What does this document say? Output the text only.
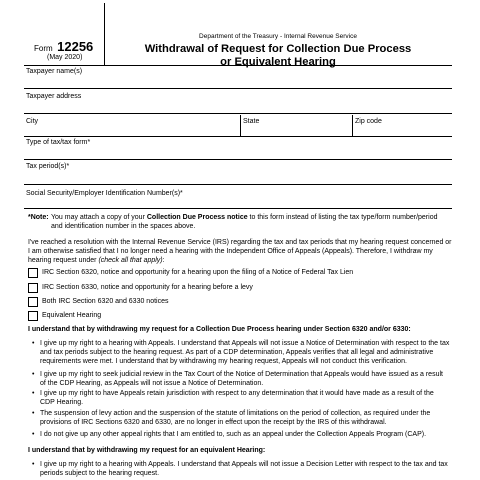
Form 12256
(May 2020)
Department of the Treasury - Internal Revenue Service
Withdrawal of Request for Collection Due Process
or Equivalent Hearing
Taxpayer name(s)
Taxpayer address
City	State	Zip code
Type of tax/tax form*
Tax period(s)*
Social Security/Employer Identification Number(s)*
*Note: You may attach a copy of your Collection Due Process notice to this form instead of listing the tax type/form number/period and identification number in the spaces above.
I've reached a resolution with the Internal Revenue Service (IRS) regarding the tax and tax periods that my hearing request concerned or I am otherwise satisfied that I no longer need a hearing with the Independent Office of Appeals (Appeals). Therefore, I withdraw my hearing request under (check all that apply):
IRC Section 6320, notice and opportunity for a hearing upon the filing of a Notice of Federal Tax Lien
IRC Section 6330, notice and opportunity for a hearing before a levy
Both IRC Section 6320 and 6330 notices
Equivalent Hearing
I understand that by withdrawing my request for a Collection Due Process hearing under Section 6320 and/or 6330:
• I give up my right to a hearing with Appeals. I understand that Appeals will not issue a Notice of Determination with respect to the tax and tax periods subject to the hearing request. As part of a CDP determination, Appeals verifies that all legal and administrative requirements were met. I understand that by withdrawing my hearing request, Appeals will not conduct this verification.
• I give up my right to seek judicial review in the Tax Court of the Notice of Determination that Appeals would have issued as a result of the CDP Hearing, as Appeals will not issue a Notice of Determination.
• I give up my right to have Appeals retain jurisdiction with respect to any determination that it would have made as a result of the CDP Hearing.
• The suspension of levy action and the suspension of the statute of limitations on the period of collection, as required under the provisions of IRC Sections 6320 and 6330, are no longer in effect upon the receipt by the IRS of this withdrawal.
• I do not give up any other appeal rights that I am entitled to, such as an appeal under the Collection Appeals Program (CAP).
I understand that by withdrawing my request for an equivalent Hearing:
• I give up my right to a hearing with Appeals. I understand that Appeals will not issue a Decision Letter with respect to the tax and tax periods subject to the hearing request.
